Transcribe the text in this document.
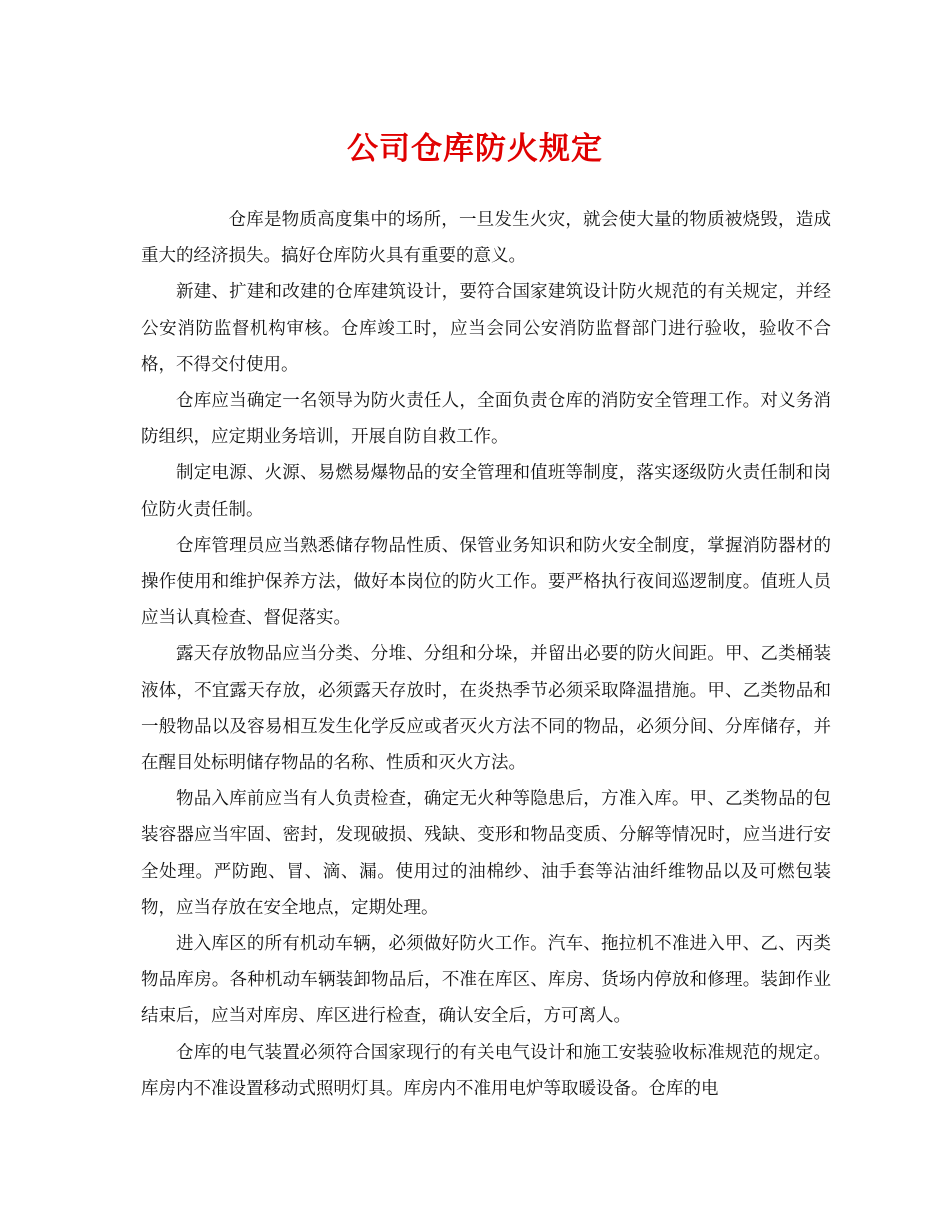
公司仓库防火规定

仓库是物质高度集中的场所，一旦发生火灾，就会使大量的物质被烧毁，造成重大的经济损失。搞好仓库防火具有重要的意义。

新建、扩建和改建的仓库建筑设计，要符合国家建筑设计防火规范的有关规定，并经公安消防监督机构审核。仓库竣工时，应当会同公安消防监督部门进行验收，验收不合格，不得交付使用。

仓库应当确定一名领导为防火责任人，全面负责仓库的消防安全管理工作。对义务消防组织，应定期业务培训，开展自防自救工作。

制定电源、火源、易燃易爆物品的安全管理和值班等制度，落实逐级防火责任制和岗位防火责任制。

仓库管理员应当熟悉储存物品性质、保管业务知识和防火安全制度，掌握消防器材的操作使用和维护保养方法，做好本岗位的防火工作。要严格执行夜间巡逻制度。值班人员应当认真检查、督促落实。

露天存放物品应当分类、分堆、分组和分垛，并留出必要的防火间距。甲、乙类桶装液体，不宜露天存放，必须露天存放时，在炎热季节必须采取降温措施。甲、乙类物品和一般物品以及容易相互发生化学反应或者灭火方法不同的物品，必须分间、分库储存，并在醒目处标明储存物品的名称、性质和灭火方法。

物品入库前应当有人负责检查，确定无火种等隐患后，方准入库。甲、乙类物品的包装容器应当牢固、密封，发现破损、残缺、变形和物品变质、分解等情况时，应当进行安全处理。严防跑、冒、滴、漏。使用过的油棉纱、油手套等沾油纤维物品以及可燃包装物，应当存放在安全地点，定期处理。

进入库区的所有机动车辆，必须做好防火工作。汽车、拖拉机不准进入甲、乙、丙类物品库房。各种机动车辆装卸物品后，不准在库区、库房、货场内停放和修理。装卸作业结束后，应当对库房、库区进行检查，确认安全后，方可离人。

仓库的电气装置必须符合国家现行的有关电气设计和施工安装验收标准规范的规定。库房内不准设置移动式照明灯具。库房内不准用电炉等取暖设备。仓库的电
